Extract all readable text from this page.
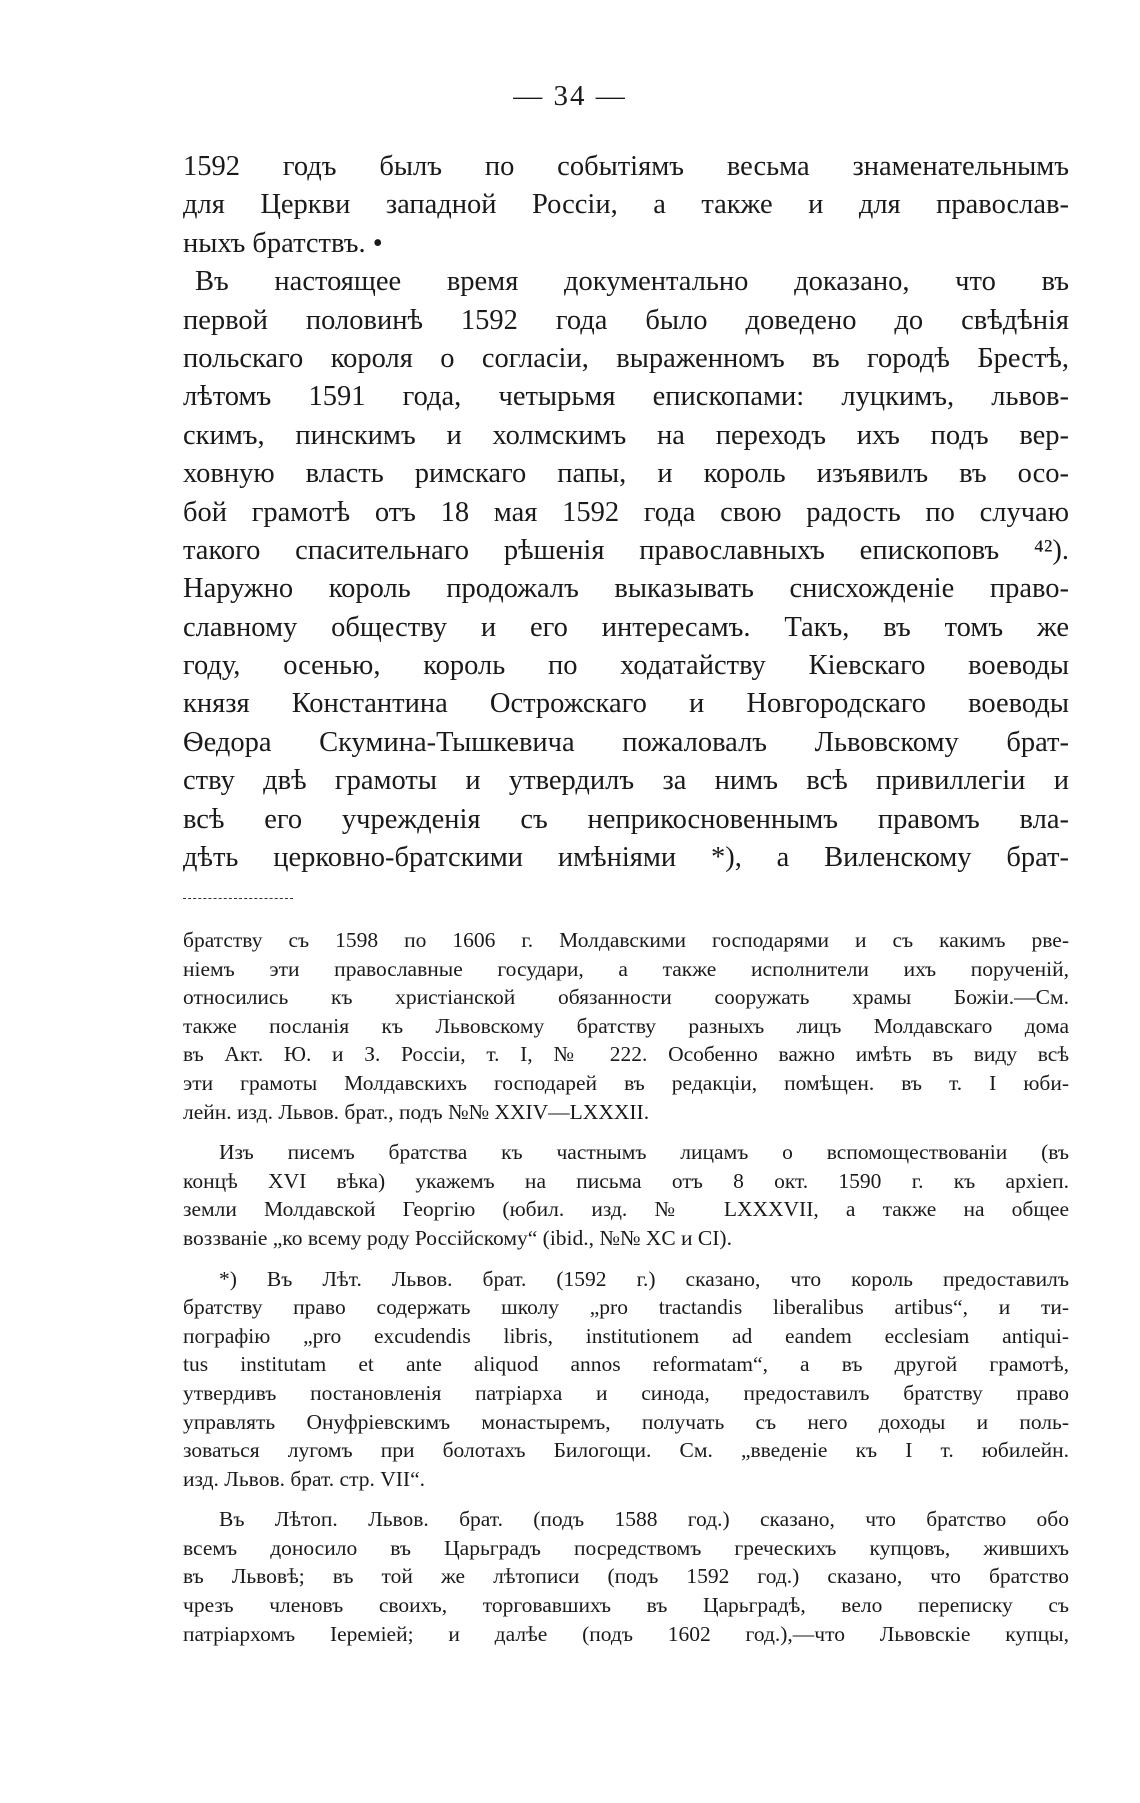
— 34 —
1592 годъ былъ по событіямъ весьма знаменательнымъ
для Церкви западной Россіи, а также и для православ-
ныхъ братствъ. •
Въ настоящее время документально доказано, что въ
первой половинѣ 1592 года было доведено до свѣдѣнія
польскаго короля о согласіи, выраженномъ въ городѣ Брестѣ,
лѣтомъ 1591 года, четырьмя епископами: луцкимъ, львов-
скимъ, пинскимъ и холмскимъ на переходъ ихъ подъ вер-
ховную власть римскаго папы, и король изъявилъ въ осо-
бой грамотѣ отъ 18 мая 1592 года свою радость по случаю
такого спасительнаго рѣшенія православныхъ епископовъ ⁴²).
Наружно король продожалъ выказывать снисхожденіе право-
славному обществу и его интересамъ. Такъ, въ томъ же
году, осенью, король по ходатайству Кіевскаго воеводы
князя Константина Острожскаго и Новгородскаго воеводы
Ѳедора Скумина-Тышкевича пожаловалъ Львовскому брат-
ству двѣ грамоты и утвердилъ за нимъ всѣ привиллегіи и
всѣ его учрежденія съ неприкосновеннымъ правомъ вла-
дѣть церковно-братскими имѣніями *), а Виленскому брат-
братству съ 1598 по 1606 г. Молдавскими господарями и съ какимъ рве-
ніемъ эти православные государи, а также исполнители ихъ порученій,
относились къ христіанской обязанности сооружать храмы Божіи.—См.
также посланія къ Львовскому братству разныхъ лицъ Молдавскаго дома
въ Акт. Ю. и З. Россіи, т. I, № 222. Особенно важно имѣть въ виду всѣ
эти грамоты Молдавскихъ господарей въ редакціи, помѣщен. въ т. I юби-
лейн. изд. Львов. брат., подъ №№ XXIV—LXXXII.
Изъ писемъ братства къ частнымъ лицамъ о вспомоществованіи (въ
концѣ XVI вѣка) укажемъ на письма отъ 8 окт. 1590 г. къ архіеп.
земли Молдавской Георгію (юбил. изд. № LXXXVII, а также на общее
воззваніе „ко всему роду Россійскому“ (ibid., №№ XC и CI).
*) Въ Лѣт. Львов. брат. (1592 г.) сказано, что король предоставилъ
братству право содержать школу „pro tractandis liberalibus artibus“, и ти-
пографію „pro excudendis libris, institutionem ad eandem ecclesiam antiqui-
tus institutam et ante aliquod annos reformatam“, а въ другой грамотѣ,
утвердивъ постановленія патріарха и синода, предоставилъ братству право
управлять Онуфріевскимъ монастыремъ, получать съ него доходы и поль-
зоваться лугомъ при болотахъ Билогощи. См. „введеніе къ I т. юбилейн.
изд. Львов. брат. стр. VII“.
Въ Лѣтоп. Львов. брат. (подъ 1588 год.) сказано, что братство обо
всемъ доносило въ Царьградъ посредствомъ греческихъ купцовъ, жившихъ
въ Львовѣ; въ той же лѣтописи (подъ 1592 год.) сказано, что братство
чрезъ членовъ своихъ, торговавшихъ въ Царьградѣ, вело переписку съ
патріархомъ Іереміей; и далѣе (подъ 1602 год.),—что Львовскіе купцы,
